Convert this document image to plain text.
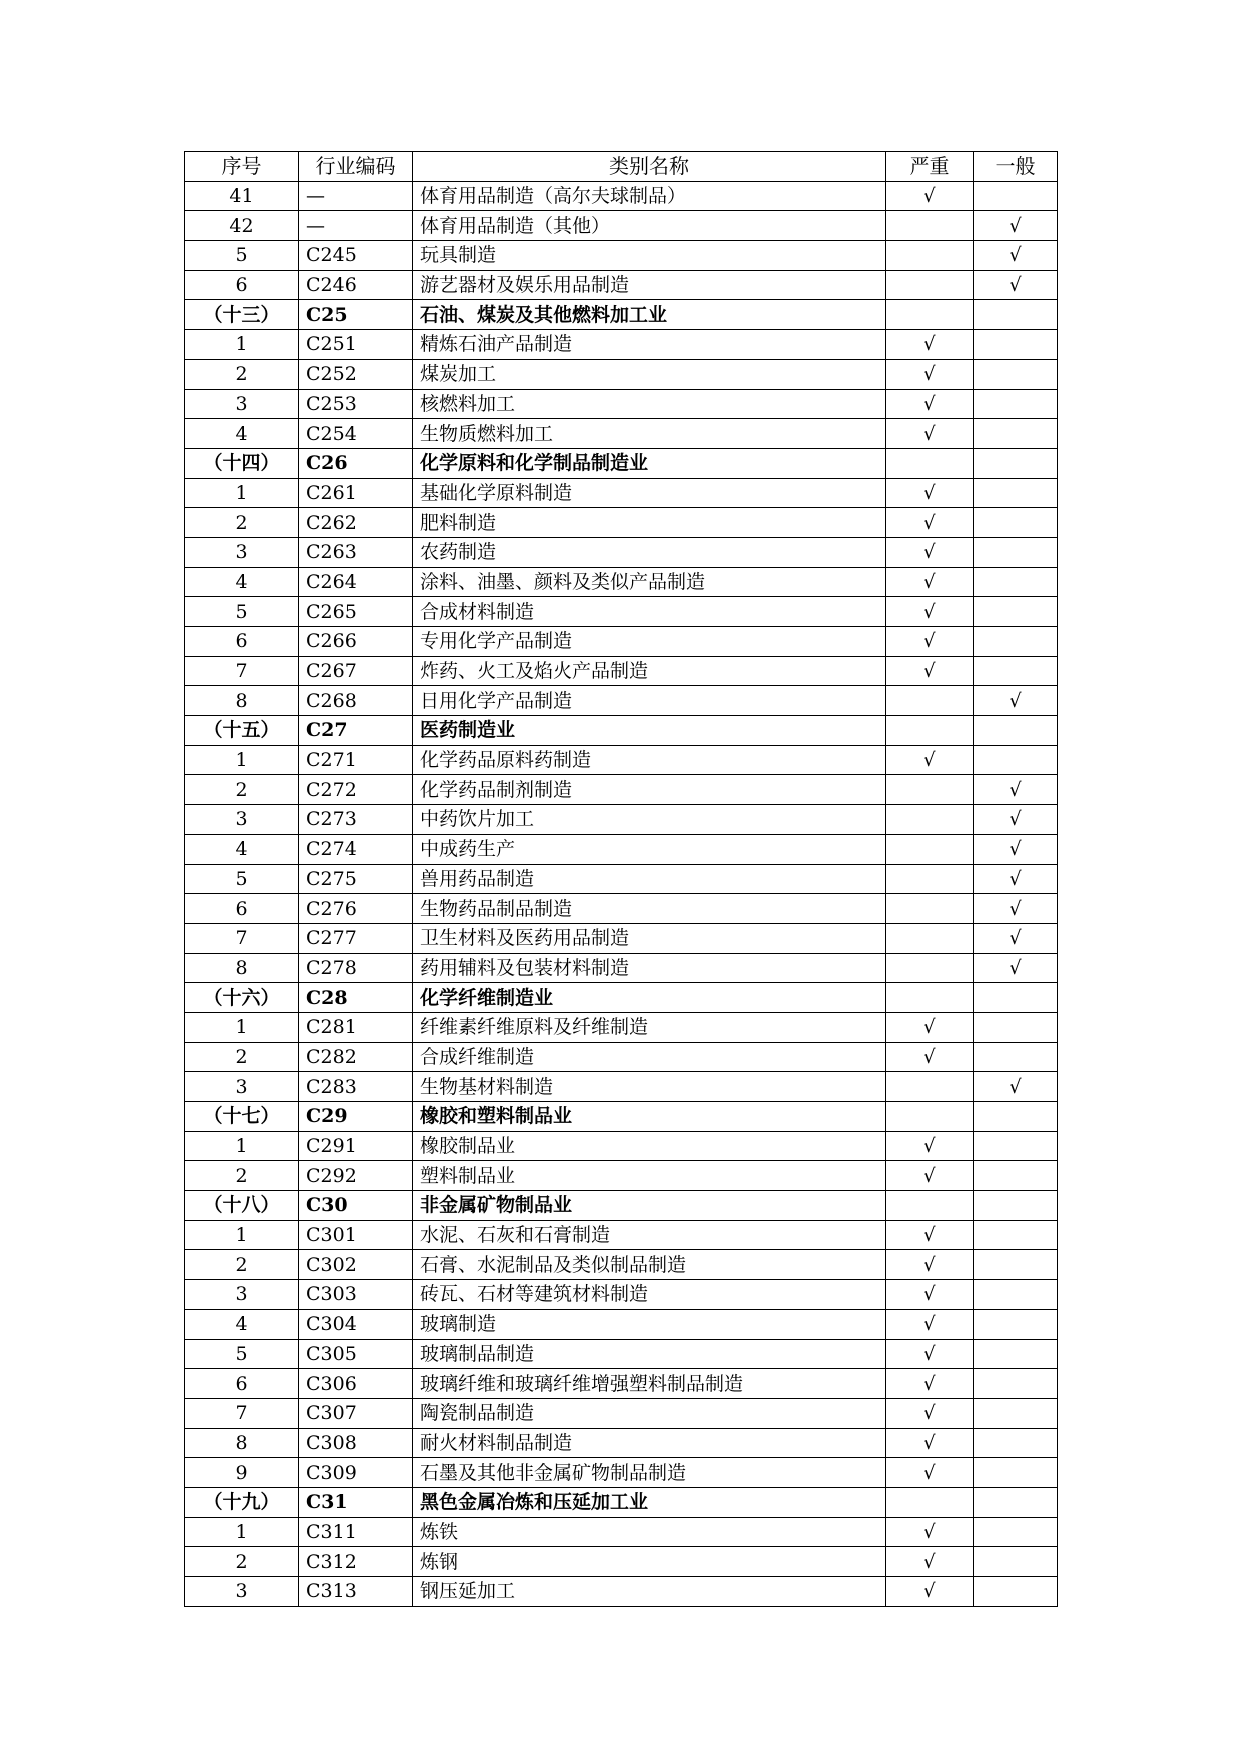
序号	行业编码	类别名称	严重	一般
41	—	体育用品制造（高尔夫球制品）	√	
42	—	体育用品制造（其他）		√
5	C245	玩具制造		√
6	C246	游艺器材及娱乐用品制造		√
（十三）	C25	石油、煤炭及其他燃料加工业		
1	C251	精炼石油产品制造	√	
2	C252	煤炭加工	√	
3	C253	核燃料加工	√	
4	C254	生物质燃料加工	√	
（十四）	C26	化学原料和化学制品制造业		
1	C261	基础化学原料制造	√	
2	C262	肥料制造	√	
3	C263	农药制造	√	
4	C264	涂料、油墨、颜料及类似产品制造	√	
5	C265	合成材料制造	√	
6	C266	专用化学产品制造	√	
7	C267	炸药、火工及焰火产品制造	√	
8	C268	日用化学产品制造		√
（十五）	C27	医药制造业		
1	C271	化学药品原料药制造	√	
2	C272	化学药品制剂制造		√
3	C273	中药饮片加工		√
4	C274	中成药生产		√
5	C275	兽用药品制造		√
6	C276	生物药品制品制造		√
7	C277	卫生材料及医药用品制造		√
8	C278	药用辅料及包装材料制造		√
（十六）	C28	化学纤维制造业		
1	C281	纤维素纤维原料及纤维制造	√	
2	C282	合成纤维制造	√	
3	C283	生物基材料制造		√
（十七）	C29	橡胶和塑料制品业		
1	C291	橡胶制品业	√	
2	C292	塑料制品业	√	
（十八）	C30	非金属矿物制品业		
1	C301	水泥、石灰和石膏制造	√	
2	C302	石膏、水泥制品及类似制品制造	√	
3	C303	砖瓦、石材等建筑材料制造	√	
4	C304	玻璃制造	√	
5	C305	玻璃制品制造	√	
6	C306	玻璃纤维和玻璃纤维增强塑料制品制造	√	
7	C307	陶瓷制品制造	√	
8	C308	耐火材料制品制造	√	
9	C309	石墨及其他非金属矿物制品制造	√	
（十九）	C31	黑色金属冶炼和压延加工业		
1	C311	炼铁	√	
2	C312	炼钢	√	
3	C313	钢压延加工	√	
